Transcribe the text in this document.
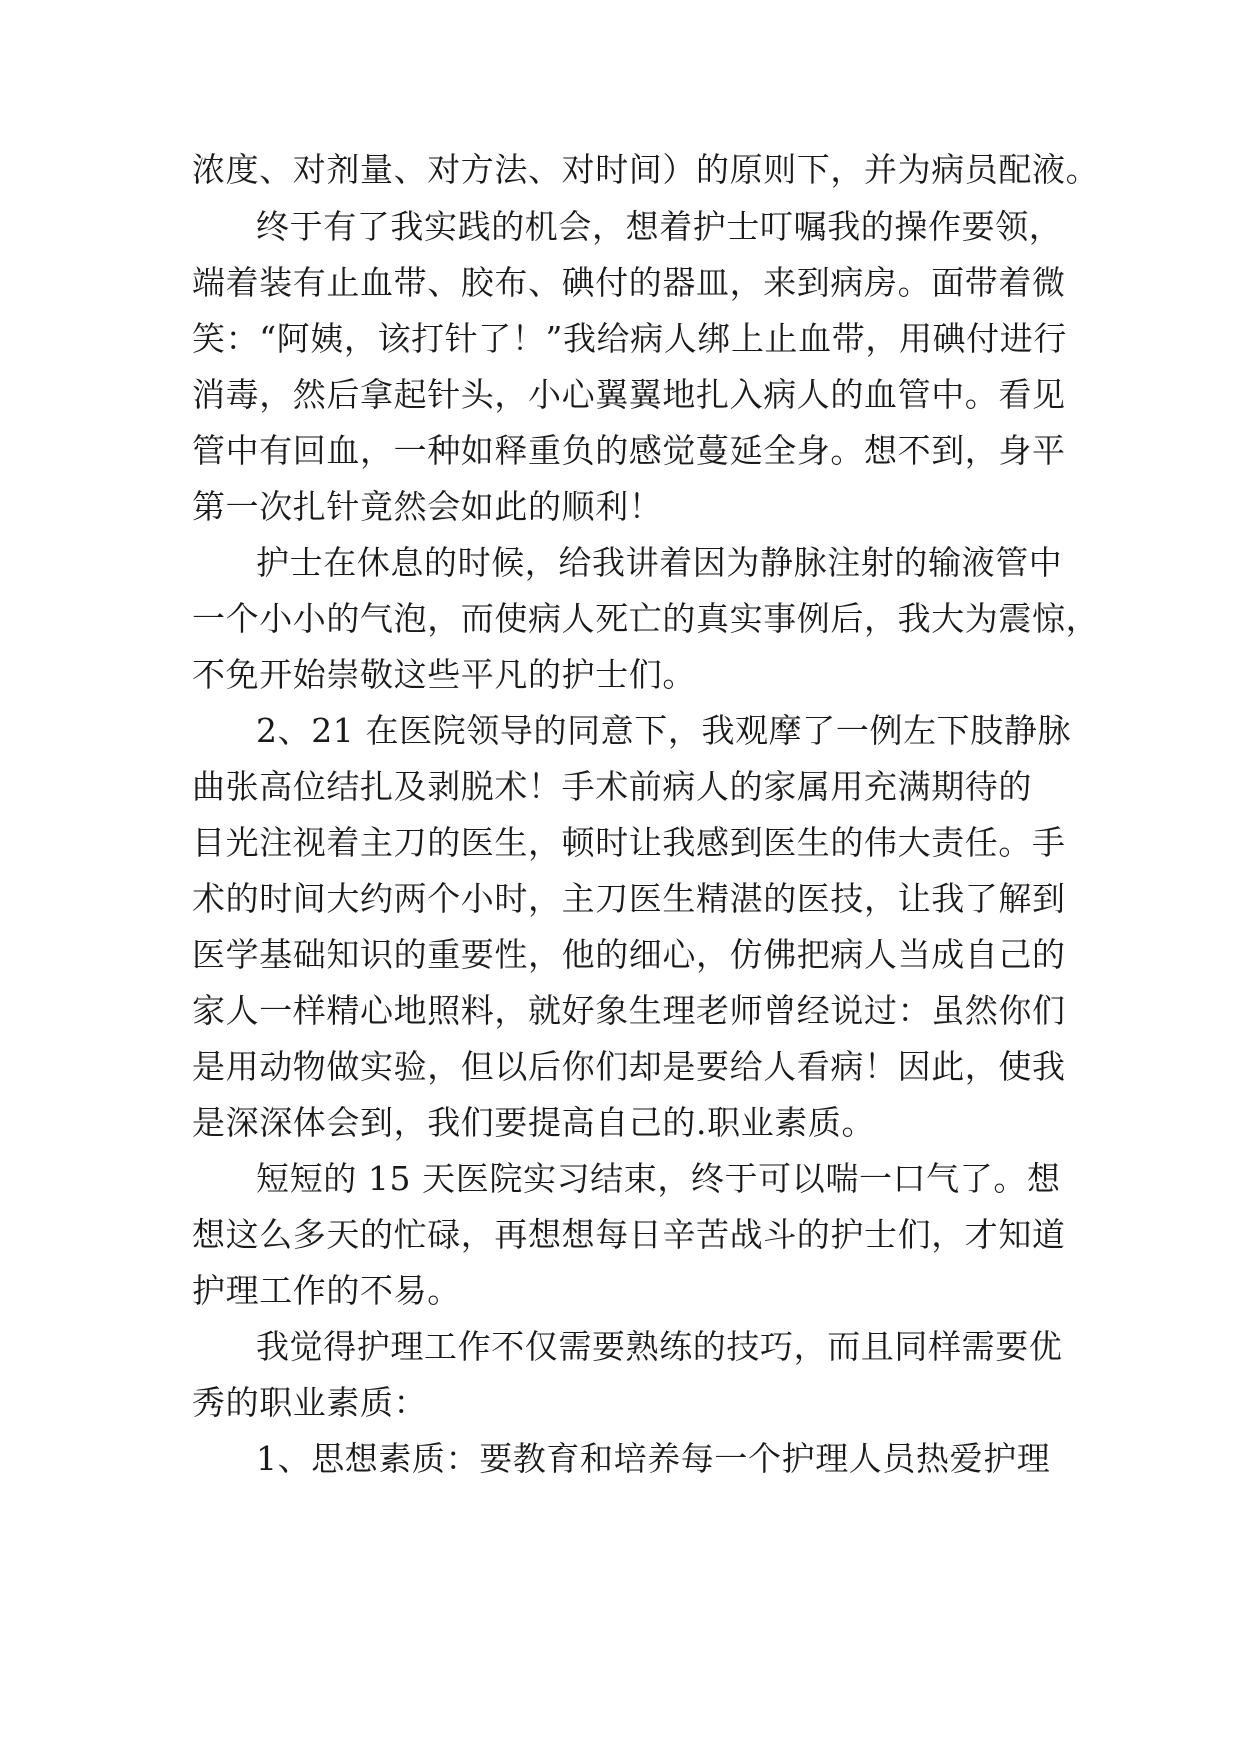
浓度、对剂量、对方法、对时间）的原则下，并为病员配液。
终于有了我实践的机会，想着护士叮嘱我的操作要领，
端着装有止血带、胶布、碘付的器皿，来到病房。面带着微
笑：“阿姨，该打针了！”我给病人绑上止血带，用碘付进行
消毒，然后拿起针头，小心翼翼地扎入病人的血管中。看见
管中有回血，一种如释重负的感觉蔓延全身。想不到，身平
第一次扎针竟然会如此的顺利！
护士在休息的时候，给我讲着因为静脉注射的输液管中
一个小小的气泡，而使病人死亡的真实事例后，我大为震惊，
不免开始崇敬这些平凡的护士们。
2、21 在医院领导的同意下，我观摩了一例左下肢静脉
曲张高位结扎及剥脱术！手术前病人的家属用充满期待的
目光注视着主刀的医生，顿时让我感到医生的伟大责任。手
术的时间大约两个小时，主刀医生精湛的医技，让我了解到
医学基础知识的重要性，他的细心，仿佛把病人当成自己的
家人一样精心地照料，就好象生理老师曾经说过：虽然你们
是用动物做实验，但以后你们却是要给人看病！因此，使我
是深深体会到，我们要提高自己的.职业素质。
短短的 15 天医院实习结束，终于可以喘一口气了。想
想这么多天的忙碌，再想想每日辛苦战斗的护士们，才知道
护理工作的不易。
我觉得护理工作不仅需要熟练的技巧，而且同样需要优
秀的职业素质：
1、思想素质：要教育和培养每一个护理人员热爱护理
